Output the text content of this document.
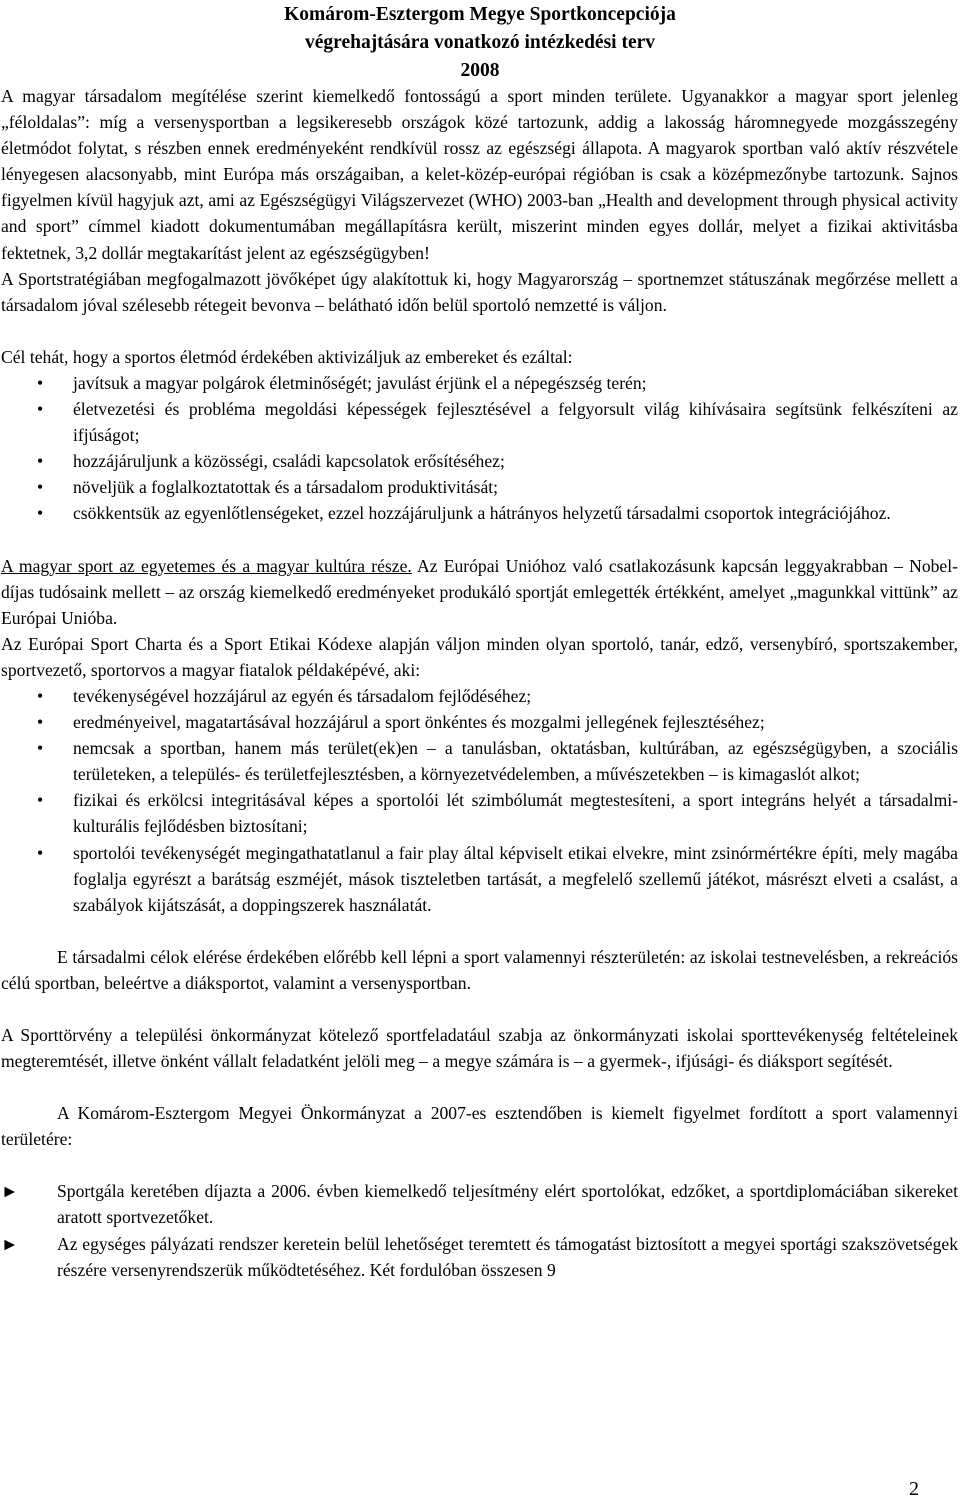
Komárom-Esztergom Megye Sportkoncepciója

végrehajtására vonatkozó intézkedési terv

2008

A magyar társadalom megítélése szerint kiemelkedő fontosságú a sport minden területe. Ugyanakkor a magyar sport jelenleg „féloldalas”: míg a versenysportban a legsikeresebb országok közé tartozunk, addig a lakosság háromnegyede mozgásszegény életmódot folytat, s részben ennek eredményeként rendkívül rossz az egészségi állapota. A magyarok sportban való aktív részvétele lényegesen alacsonyabb, mint Európa más országaiban, a kelet-közép-európai régióban is csak a középmezőnybe tartozunk. Sajnos figyelmen kívül hagyjuk azt, ami az Egészségügyi Világszervezet (WHO) 2003-ban „Health and development through physical activity and sport” címmel kiadott dokumentumában megállapításra került, miszerint minden egyes dollár, melyet a fizikai aktivitásba fektetnek, 3,2 dollár megtakarítást jelent az egészségügyben!

A Sportstratégiában megfogalmazott jövőképet úgy alakítottuk ki, hogy Magyarország – sportnemzet státuszának megőrzése mellett a társadalom jóval szélesebb rétegeit bevonva – belátható időn belül sportoló nemzetté is váljon.

Cél tehát, hogy a sportos életmód érdekében aktivizáljuk az embereket és ezáltal:

• javítsuk a magyar polgárok életminőségét; javulást érjünk el a népegészség terén;
• életvezetési és probléma megoldási képességek fejlesztésével a felgyorsult világ kihívásaira segítsünk felkészíteni az ifjúságot;
• hozzájáruljunk a közösségi, családi kapcsolatok erősítéséhez;
• növeljük a foglalkoztatottak és a társadalom produktivitását;
• csökkentsük az egyenlőtlenségeket, ezzel hozzájáruljunk a hátrányos helyzetű társadalmi csoportok integrációjához.

A magyar sport az egyetemes és a magyar kultúra része. Az Európai Unióhoz való csatlakozásunk kapcsán leggyakrabban – Nobel-díjas tudósaink mellett – az ország kiemelkedő eredményeket produkáló sportját emlegették értékként, amelyet „magunkkal vittünk” az Európai Unióba.

Az Európai Sport Charta és a Sport Etikai Kódexe alapján váljon minden olyan sportoló, tanár, edző, versenybíró, sportszakember, sportvezető, sportorvos a magyar fiatalok példaképévé, aki:

• tevékenységével hozzájárul az egyén és társadalom fejlődéséhez;
• eredményeivel, magatartásával hozzájárul a sport önkéntes és mozgalmi jellegének fejlesztéséhez;
• nemcsak a sportban, hanem más terület(ek)en – a tanulásban, oktatásban, kultúrában, az egészségügyben, a szociális területeken, a település- és területfejlesztésben, a környezetvédelemben, a művészetekben – is kimagaslót alkot;
• fizikai és erkölcsi integritásával képes a sportolói lét szimbólumát megtestesíteni, a sport integráns helyét a társadalmi-kulturális fejlődésben biztosítani;
• sportolói tevékenységét megingathatatlanul a fair play által képviselt etikai elvekre, mint zsinórmértékre építi, mely magába foglalja egyrészt a barátság eszméjét, mások tiszteletben tartását, a megfelelő szellemű játékot, másrészt elveti a csalást, a szabályok kijátszását, a doppingszerek használatát.

E társadalmi célok elérése érdekében előrébb kell lépni a sport valamennyi részterületén: az iskolai testnevelésben, a rekreációs célú sportban, beleértve a diáksportot, valamint a versenysportban.

A Sporttörvény a települési önkormányzat kötelező sportfeladatául szabja az önkormányzati iskolai sporttevékenység feltételeinek megteremtését, illetve önként vállalt feladatként jelöli meg – a megye számára is – a gyermek-, ifjúsági- és diáksport segítését.

A Komárom-Esztergom Megyei Önkormányzat a 2007-es esztendőben is kiemelt figyelmet fordított a sport valamennyi területére:

► Sportgála keretében díjazta a 2006. évben kiemelkedő teljesítmény elért sportolókat, edzőket, a sportdiplomáciában sikereket aratott sportvezetőket.
► Az egységes pályázati rendszer keretein belül lehetőséget teremtett és támogatást biztosított a megyei sportági szakszövetségek részére versenyrendszerük működtetéséhez. Két fordulóban összesen 9
2
